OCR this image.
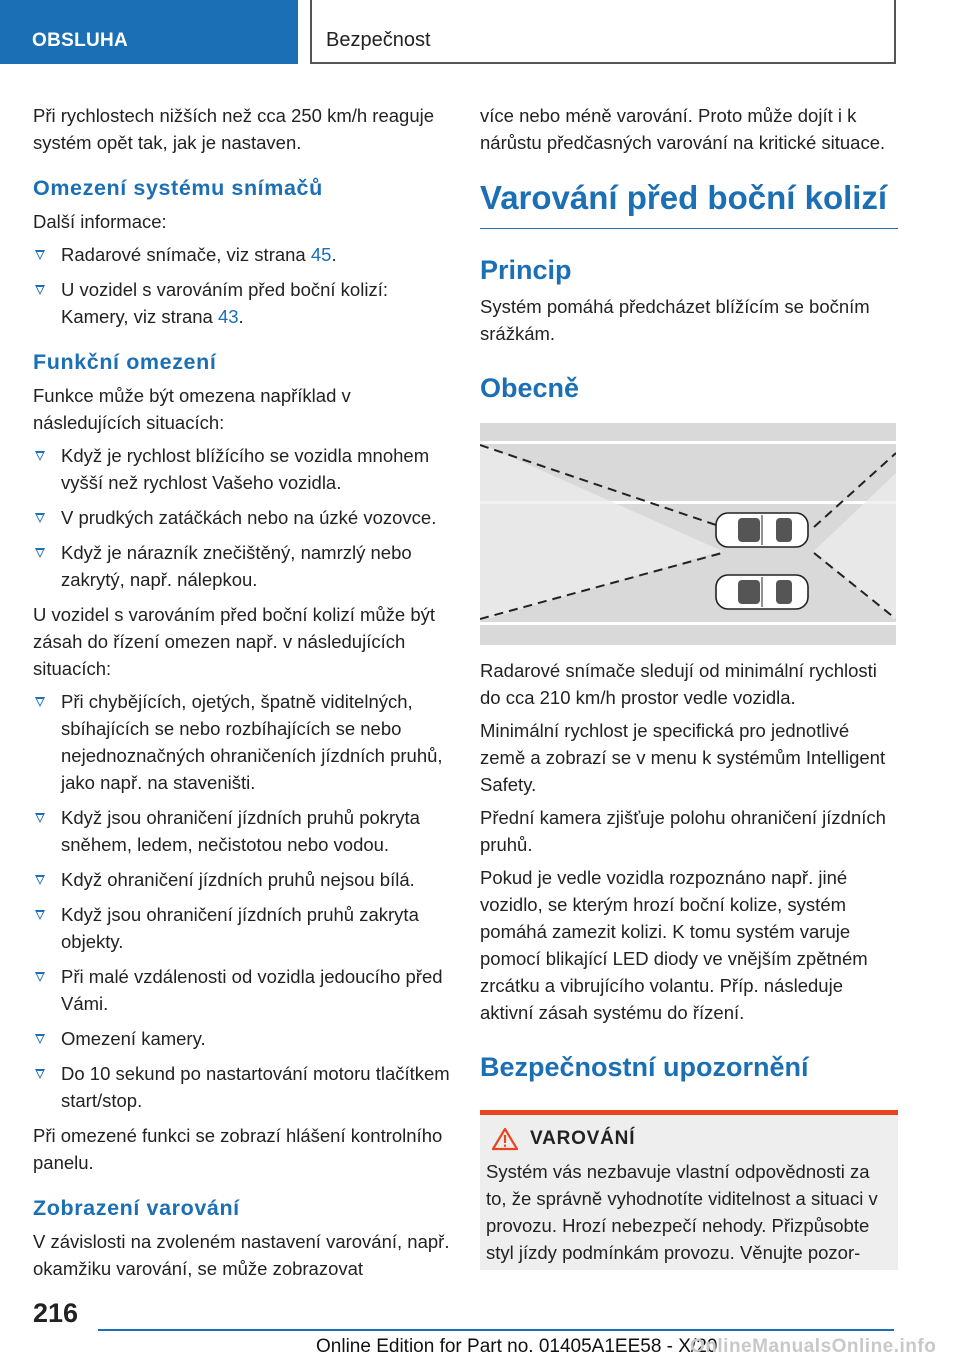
OBSLUHA	Bezpečnost

Při rychlostech nižších než cca 250 km/h reaguje systém opět tak, jak je nastaven.

Omezení systému snímačů

Další informace:

Radarové snímače, viz strana 45.
U vozidel s varováním před boční kolizí: Kamery, viz strana 43.
Funkční omezení

Funkce může být omezena například v následujících situacích:

Když je rychlost blížícího se vozidla mnohem vyšší než rychlost Vašeho vozidla.
V prudkých zatáčkách nebo na úzké vozovce.
Když je nárazník znečištěný, namrzlý nebo zakrytý, např. nálepkou.

U vozidel s varováním před boční kolizí může být zásah do řízení omezen např. v následujících situacích:

Při chybějících, ojetých, špatně viditelných, sbíhajících se nebo rozbíhajících se nebo nejednoznačných ohraničeních jízdních pruhů, jako např. na staveništi.
Když jsou ohraničení jízdních pruhů pokryta sněhem, ledem, nečistotou nebo vodou.
Když ohraničení jízdních pruhů nejsou bílá.
Když jsou ohraničení jízdních pruhů zakryta objekty.
Při malé vzdálenosti od vozidla jedoucího před Vámi.
Omezení kamery.
Do 10 sekund po nastartování motoru tlačítkem start/stop.

Při omezené funkci se zobrazí hlášení kontrolního panelu.

Zobrazení varování

V závislosti na zvoleném nastavení varování, např. okamžiku varování, se může zobrazovat

více nebo méně varování. Proto může dojít i k nárůstu předčasných varování na kritické situace.

Varování před boční kolizí
Princip

Systém pomáhá předcházet blížícím se bočním srážkám.

Obecně

Radarové snímače sledují od minimální rychlosti do cca 210 km/h prostor vedle vozidla.

Minimální rychlost je specifická pro jednotlivé země a zobrazí se v menu k systémům Intelligent Safety.

Přední kamera zjišťuje polohu ohraničení jízdních pruhů.

Pokud je vedle vozidla rozpoznáno např. jiné vozidlo, se kterým hrozí boční kolize, systém pomáhá zamezit kolizi. K tomu systém varuje pomocí blikající LED diody ve vnějším zpětném zrcátku a vibrujícího volantu. Příp. následuje aktivní zásah systému do řízení.

Bezpečnostní upozornění
VAROVÁNÍ

Systém vás nezbavuje vlastní odpovědnosti za to, že správně vyhodnotíte viditelnost a situaci v provozu. Hrozí nebezpečí nehody. Přizpůsobte styl jízdy podmínkám provozu. Věnujte pozor-

216
Online Edition for Part no. 01405A1EE58 - X/20
OnlineManualsOnline.info
